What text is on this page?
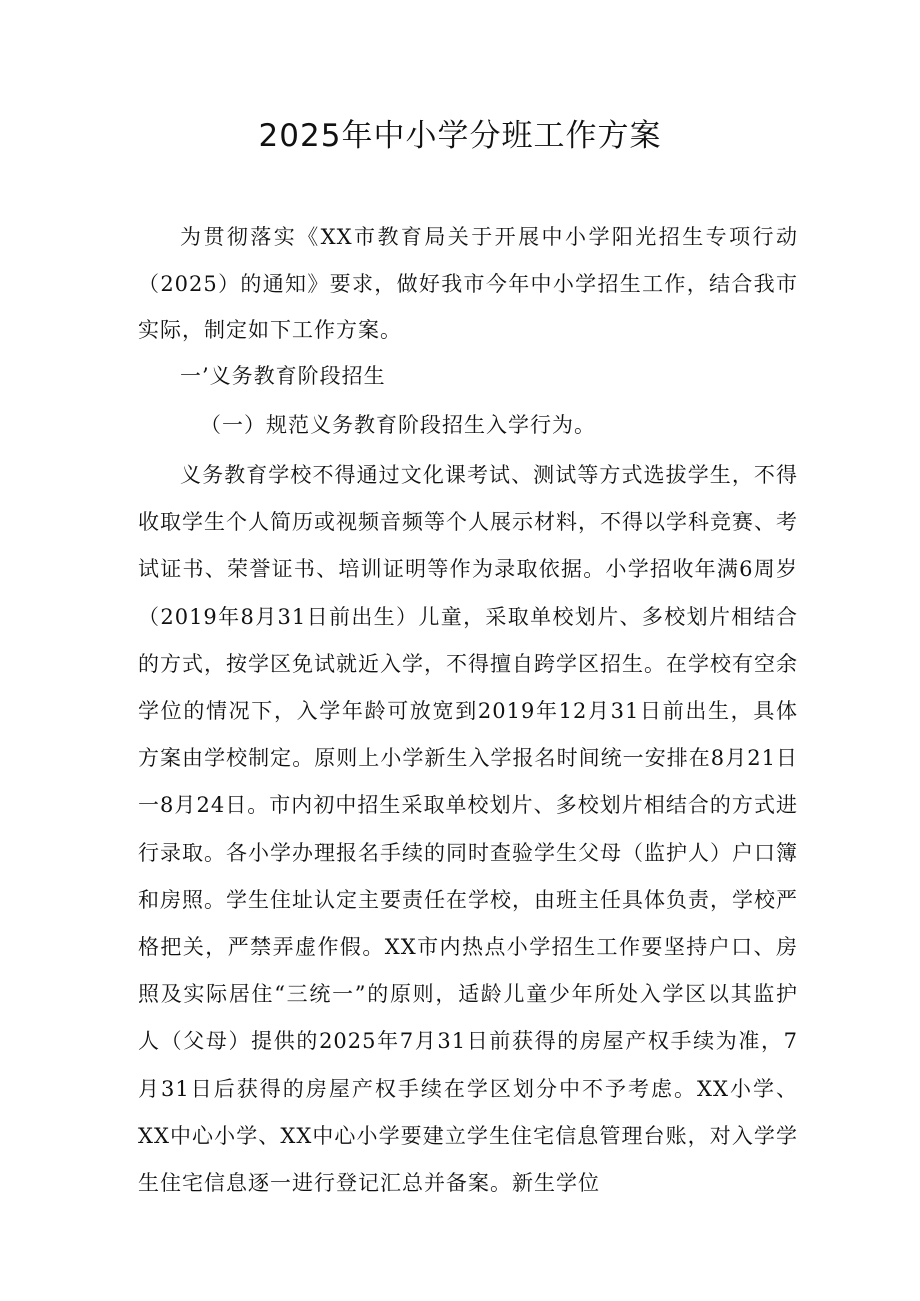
2025年中小学分班工作方案
为贯彻落实《XX市教育局关于开展中小学阳光招生专项行动（2025）的通知》要求，做好我市今年中小学招生工作，结合我市实际，制定如下工作方案。
一’义务教育阶段招生
（一）规范义务教育阶段招生入学行为。
义务教育学校不得通过文化课考试、测试等方式选拔学生，不得收取学生个人简历或视频音频等个人展示材料，不得以学科竞赛、考试证书、荣誉证书、培训证明等作为录取依据。小学招收年满6周岁（2019年8月31日前出生）儿童，采取单校划片、多校划片相结合的方式，按学区免试就近入学，不得擅自跨学区招生。在学校有空余学位的情况下，入学年龄可放宽到2019年12月31日前出生，具体方案由学校制定。原则上小学新生入学报名时间统一安排在8月21日一8月24日。市内初中招生采取单校划片、多校划片相结合的方式进行录取。各小学办理报名手续的同时查验学生父母（监护人）户口簿和房照。学生住址认定主要责任在学校，由班主任具体负责，学校严格把关，严禁弄虚作假。XX市内热点小学招生工作要坚持户口、房照及实际居住“三统一”的原则，适龄儿童少年所处入学区以其监护人（父母）提供的2025年7月31日前获得的房屋产权手续为准，7月31日后获得的房屋产权手续在学区划分中不予考虑。XX小学、XX中心小学、XX中心小学要建立学生住宅信息管理台账，对入学学生住宅信息逐一进行登记汇总并备案。新生学位
